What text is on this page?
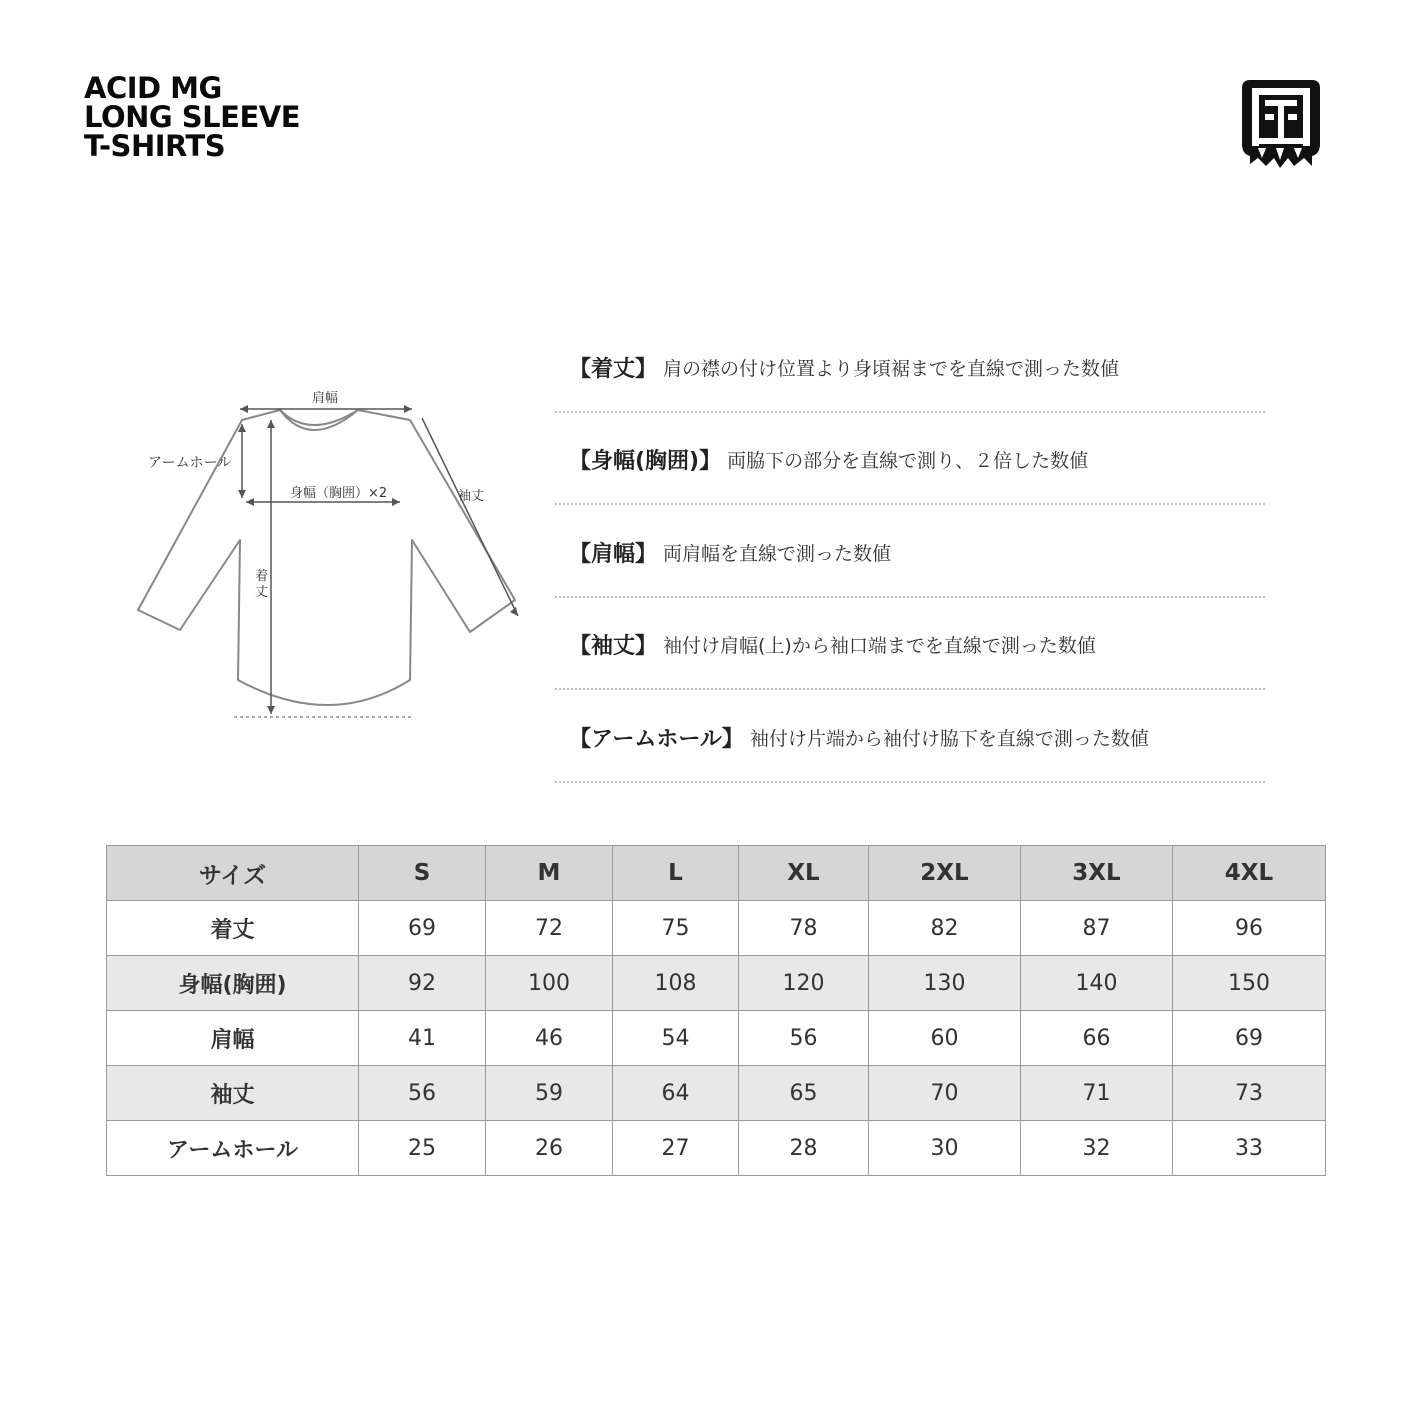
ACID MG
LONG SLEEVE
T-SHIRTS
肩幅
アームホール
身幅（胸囲）×2	袖丈
着
丈
【着丈】 肩の襟の付け位置より身頃裾までを直線で測った数値
【身幅(胸囲)】 両脇下の部分を直線で測り、２倍した数値
【肩幅】 両肩幅を直線で測った数値
【袖丈】 袖付け肩幅(上)から袖口端までを直線で測った数値
【アームホール】 袖付け片端から袖付け脇下を直線で測った数値
サイズ	S	M	L	XL	2XL	3XL	4XL
着丈	69	72	75	78	82	87	96
身幅(胸囲)	92	100	108	120	130	140	150
肩幅	41	46	54	56	60	66	69
袖丈	56	59	64	65	70	71	73
アームホール	25	26	27	28	30	32	33
